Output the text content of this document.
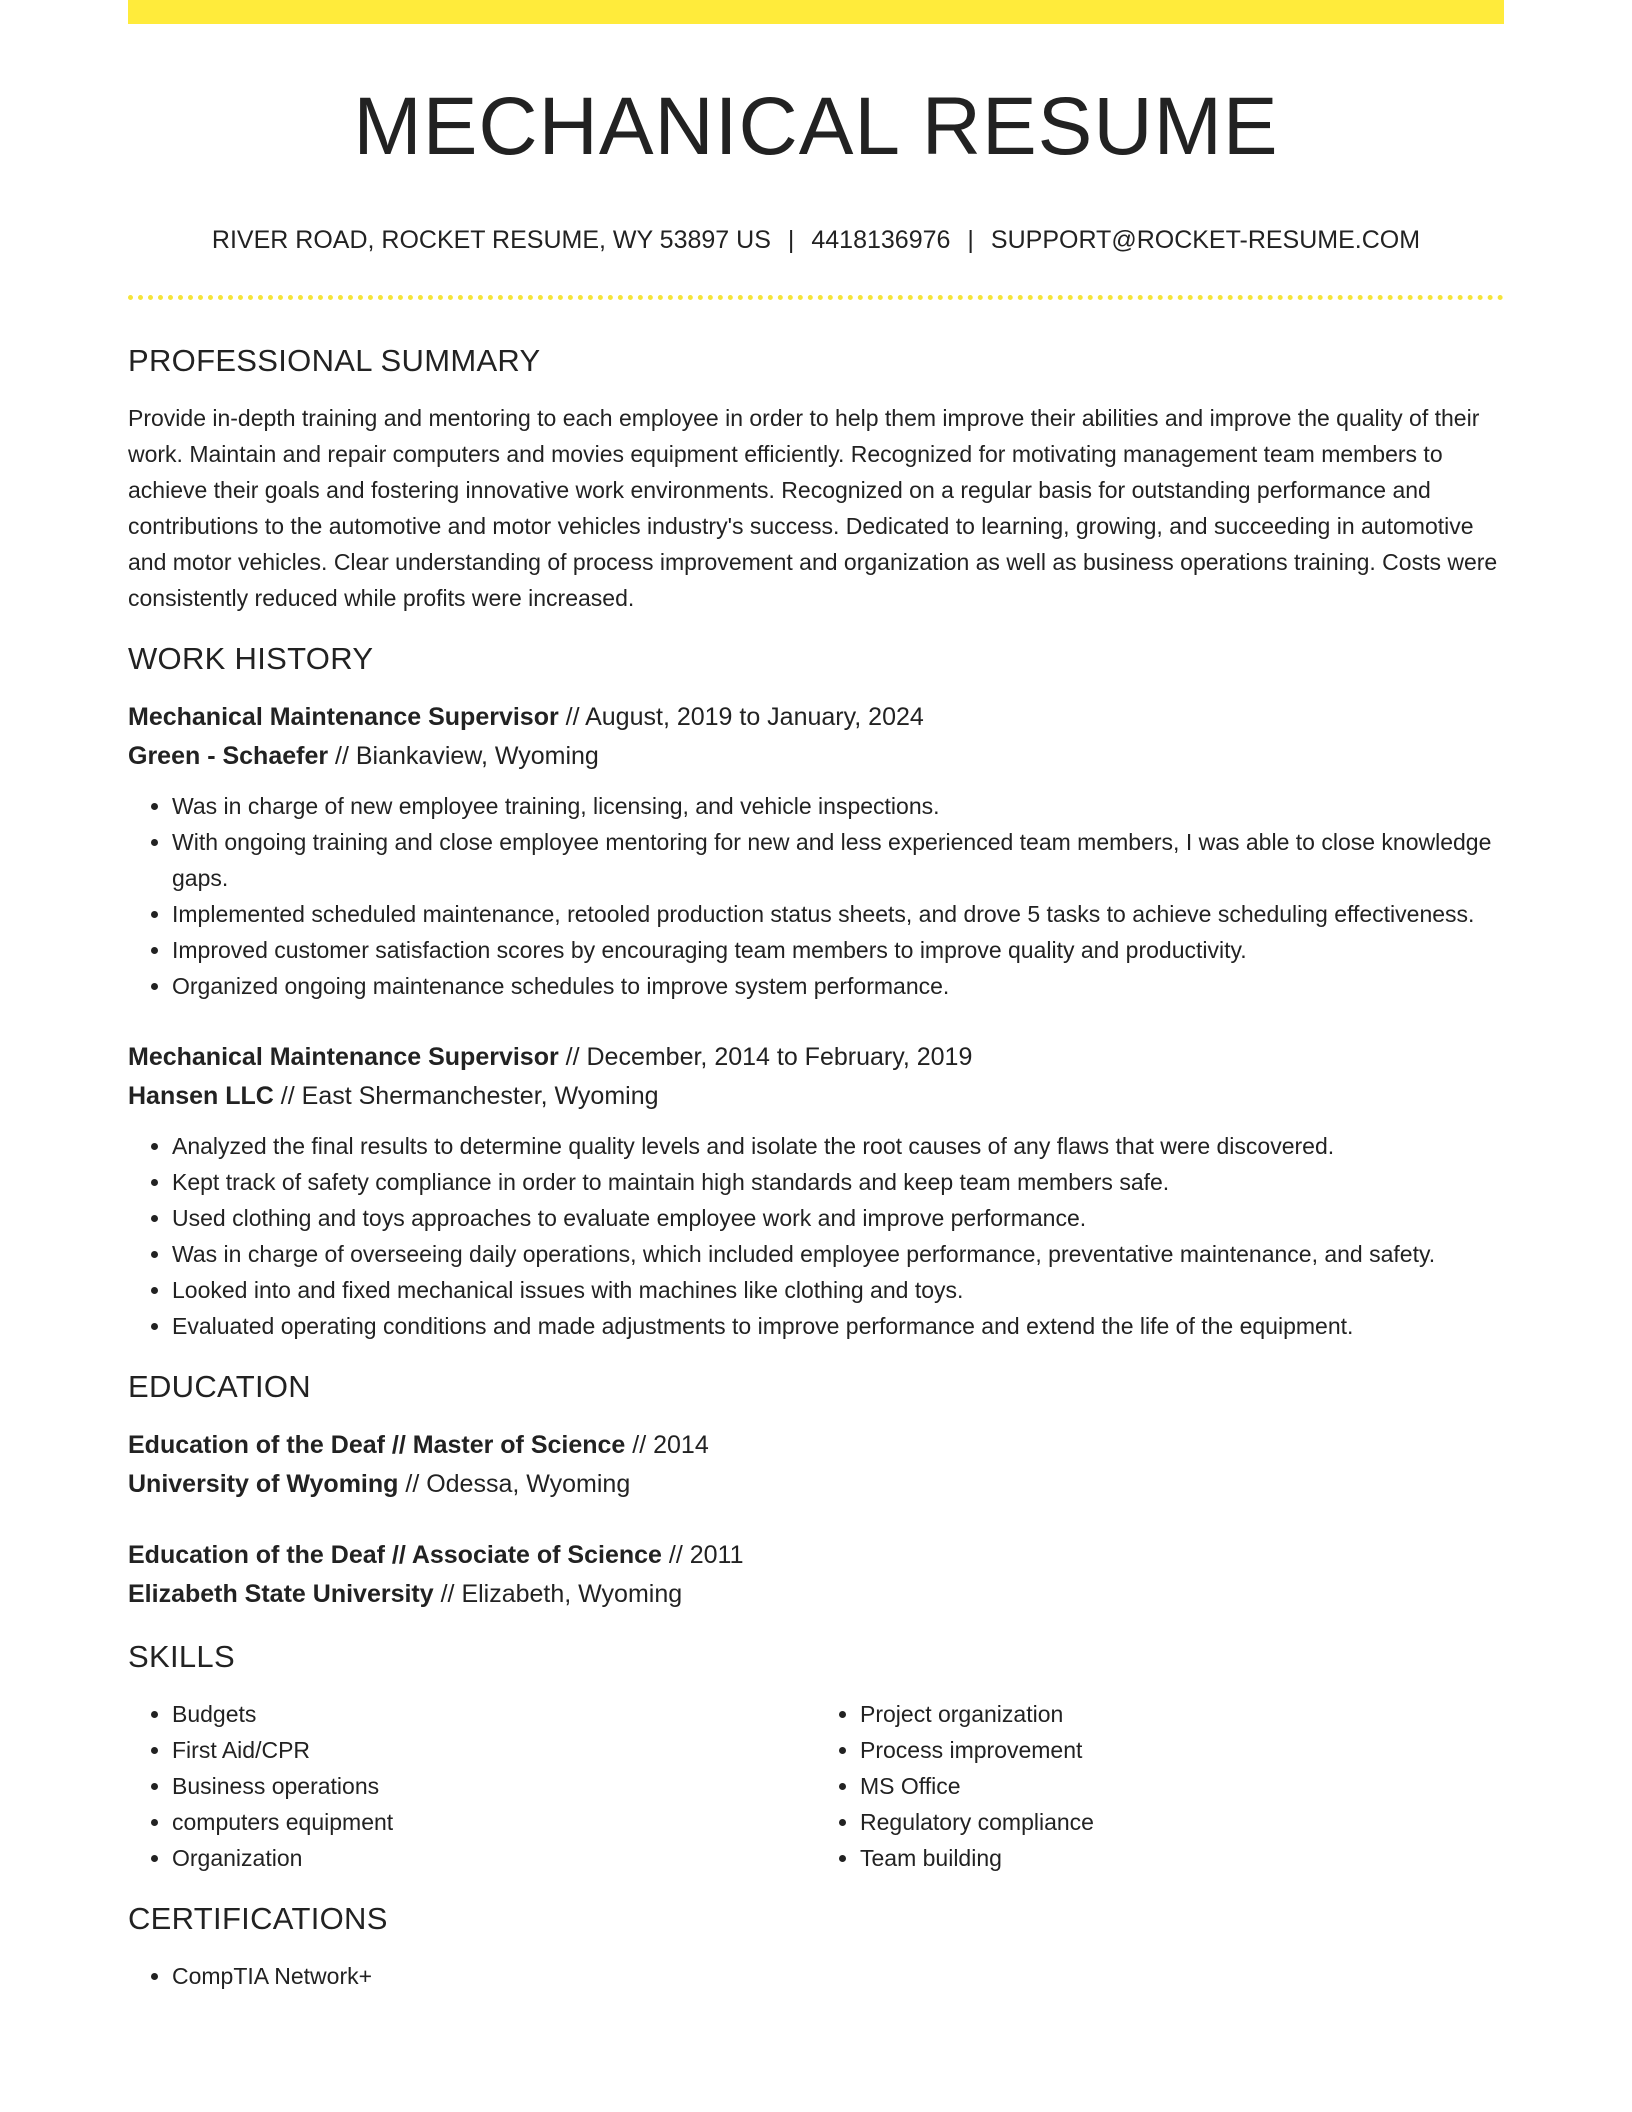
MECHANICAL RESUME
RIVER ROAD, ROCKET RESUME, WY 53897 US | 4418136976 | SUPPORT@ROCKET-RESUME.COM
PROFESSIONAL SUMMARY

Provide in-depth training and mentoring to each employee in order to help them improve their abilities and improve the quality of their work. Maintain and repair computers and movies equipment efficiently. Recognized for motivating management team members to achieve their goals and fostering innovative work environments. Recognized on a regular basis for outstanding performance and contributions to the automotive and motor vehicles industry's success. Dedicated to learning, growing, and succeeding in automotive and motor vehicles. Clear understanding of process improvement and organization as well as business operations training. Costs were consistently reduced while profits were increased.

WORK HISTORY
Mechanical Maintenance Supervisor // August, 2019 to January, 2024
Green - Schaefer // Biankaview, Wyoming
• Was in charge of new employee training, licensing, and vehicle inspections.
• With ongoing training and close employee mentoring for new and less experienced team members, I was able to close knowledge gaps.
• Implemented scheduled maintenance, retooled production status sheets, and drove 5 tasks to achieve scheduling effectiveness.
• Improved customer satisfaction scores by encouraging team members to improve quality and productivity.
• Organized ongoing maintenance schedules to improve system performance.
Mechanical Maintenance Supervisor // December, 2014 to February, 2019
Hansen LLC // East Shermanchester, Wyoming
• Analyzed the final results to determine quality levels and isolate the root causes of any flaws that were discovered.
• Kept track of safety compliance in order to maintain high standards and keep team members safe.
• Used clothing and toys approaches to evaluate employee work and improve performance.
• Was in charge of overseeing daily operations, which included employee performance, preventative maintenance, and safety.
• Looked into and fixed mechanical issues with machines like clothing and toys.
• Evaluated operating conditions and made adjustments to improve performance and extend the life of the equipment.
EDUCATION
Education of the Deaf // Master of Science // 2014
University of Wyoming // Odessa, Wyoming
Education of the Deaf // Associate of Science // 2011
Elizabeth State University // Elizabeth, Wyoming
SKILLS
• Budgets
• First Aid/CPR
• Business operations
• computers equipment
• Organization
• Project organization
• Process improvement
• MS Office
• Regulatory compliance
• Team building
CERTIFICATIONS
• CompTIA Network+
